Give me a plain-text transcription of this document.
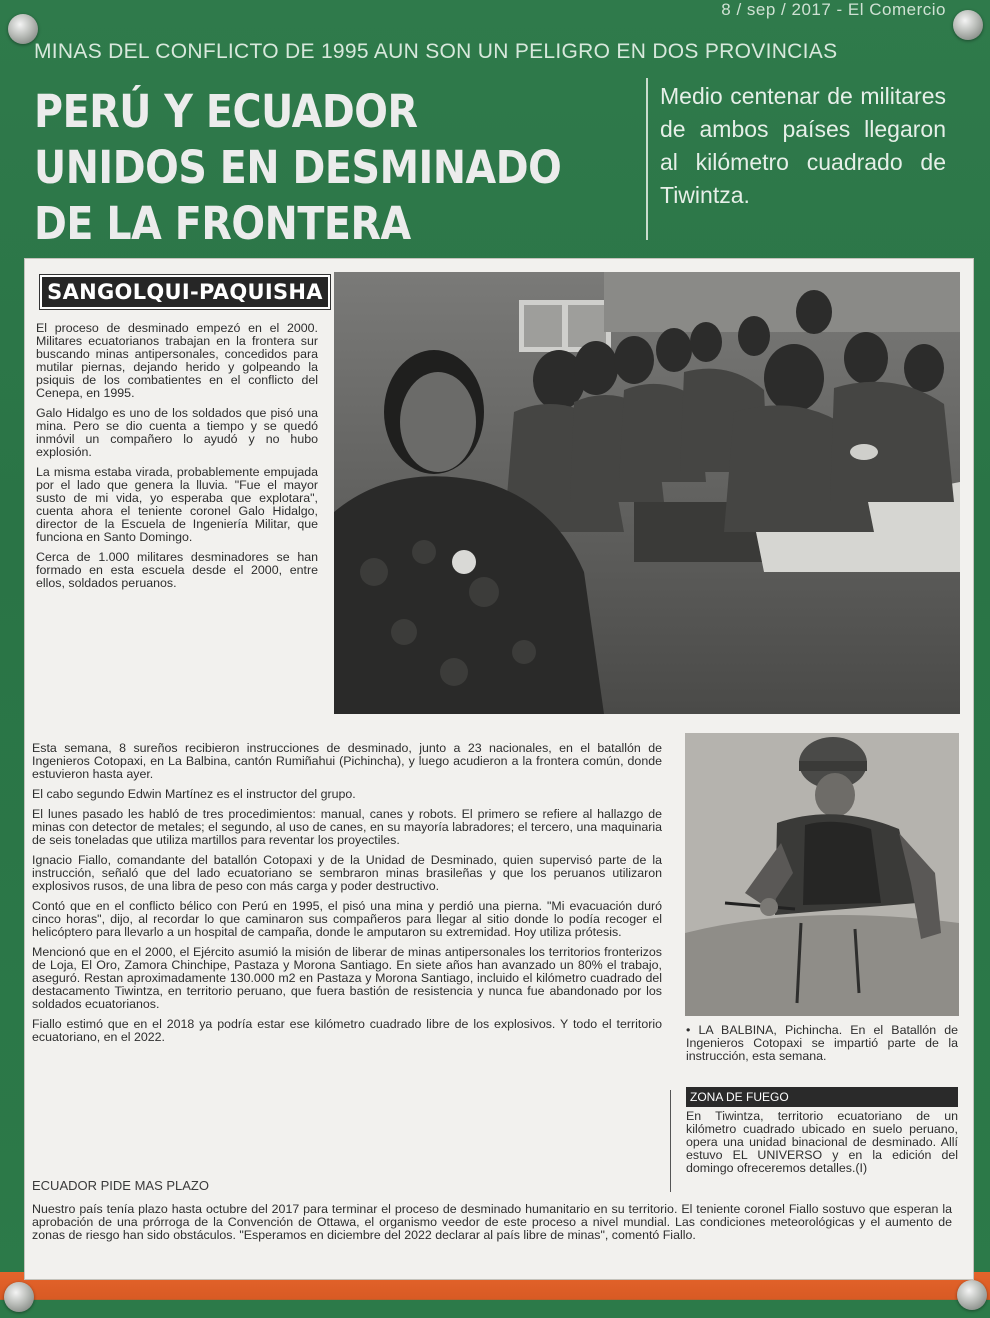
8 / sep / 2017 - El Comercio
MINAS DEL CONFLICTO DE 1995 AUN SON UN PELIGRO EN DOS PROVINCIAS
PERÚ Y ECUADOR
UNIDOS EN DESMINADO
DE LA FRONTERA
Medio centenar de militares de ambos países llegaron al kilómetro cuadrado de Tiwintza.
SANGOLQUI-PAQUISHA

El proceso de desminado empezó en el 2000. Militares ecuatorianos trabajan en la frontera sur buscando minas antipersonales, concedidos para mutilar piernas, dejando herido y golpeando la psiquis de los combatientes en el conflicto del Cenepa, en 1995.

Galo Hidalgo es uno de los soldados que pisó una mina. Pero se dio cuenta a tiempo y se quedó inmóvil un compañero lo ayudó y no hubo explosión.

La misma estaba virada, probablemente empujada por el lado que genera la lluvia. "Fue el mayor susto de mi vida, yo esperaba que explotara", cuenta ahora el teniente coronel Galo Hidalgo, director de la Escuela de Ingeniería Militar, que funciona en Santo Domingo.

Cerca de 1.000 militares desminadores se han formado en esta escuela desde el 2000, entre ellos, soldados peruanos.

Esta semana, 8 sureños recibieron instrucciones de desminado, junto a 23 nacionales, en el batallón de Ingenieros Cotopaxi, en La Balbina, cantón Rumiñahui (Pichincha), y luego acudieron a la frontera común, donde estuvieron hasta ayer.

El cabo segundo Edwin Martínez es el instructor del grupo.

El lunes pasado les habló de tres procedimientos: manual, canes y robots. El primero se refiere al hallazgo de minas con detector de metales; el segundo, al uso de canes, en su mayoría labradores; el tercero, una maquinaria de seis toneladas que utiliza martillos para reventar los proyectiles.

Ignacio Fiallo, comandante del batallón Cotopaxi y de la Unidad de Desminado, quien supervisó parte de la instrucción, señaló que del lado ecuatoriano se sembraron minas brasileñas y que los peruanos utilizaron explosivos rusos, de una libra de peso con más carga y poder destructivo.

Contó que en el conflicto bélico con Perú en 1995, el pisó una mina y perdió una pierna. "Mi evacuación duró cinco horas", dijo, al recordar lo que caminaron sus compañeros para llegar al sitio donde lo podía recoger el helicóptero para llevarlo a un hospital de campaña, donde le amputaron su extremidad. Hoy utiliza prótesis.

Mencionó que en el 2000, el Ejército asumió la misión de liberar de minas antipersonales los territorios fronterizos de Loja, El Oro, Zamora Chinchipe, Pastaza y Morona Santiago. En siete años han avanzado un 80% el trabajo, aseguró. Restan aproximadamente 130.000 m2 en Pastaza y Morona Santiago, incluido el kilómetro cuadrado del destacamento Tiwintza, en territorio peruano, que fuera bastión de resistencia y nunca fue abandonado por los soldados ecuatorianos.

Fiallo estimó que en el 2018 ya podría estar ese kilómetro cuadrado libre de los explosivos. Y todo el territorio ecuatoriano, en el 2022.	• LA BALBINA, Pichincha. En el Batallón de Ingenieros Cotopaxi se impartió parte de la instrucción, esta semana.
ZONA DE FUEGO
En Tiwintza, territorio ecuatoriano de un kilómetro cuadrado ubicado en suelo peruano, opera una unidad binacional de desminado. Allí estuvo EL UNIVERSO y en la edición del domingo ofreceremos detalles.(I)
ECUADOR PIDE MAS PLAZO
Nuestro país tenía plazo hasta octubre del 2017 para terminar el proceso de desminado humanitario en su territorio. El teniente coronel Fiallo sostuvo que esperan la aprobación de una prórroga de la Convención de Ottawa, el organismo veedor de este proceso a nivel mundial. Las condiciones meteorológicas y el aumento de zonas de riesgo han sido obstáculos. "Esperamos en diciembre del 2022 declarar al país libre de minas", comentó Fiallo.
